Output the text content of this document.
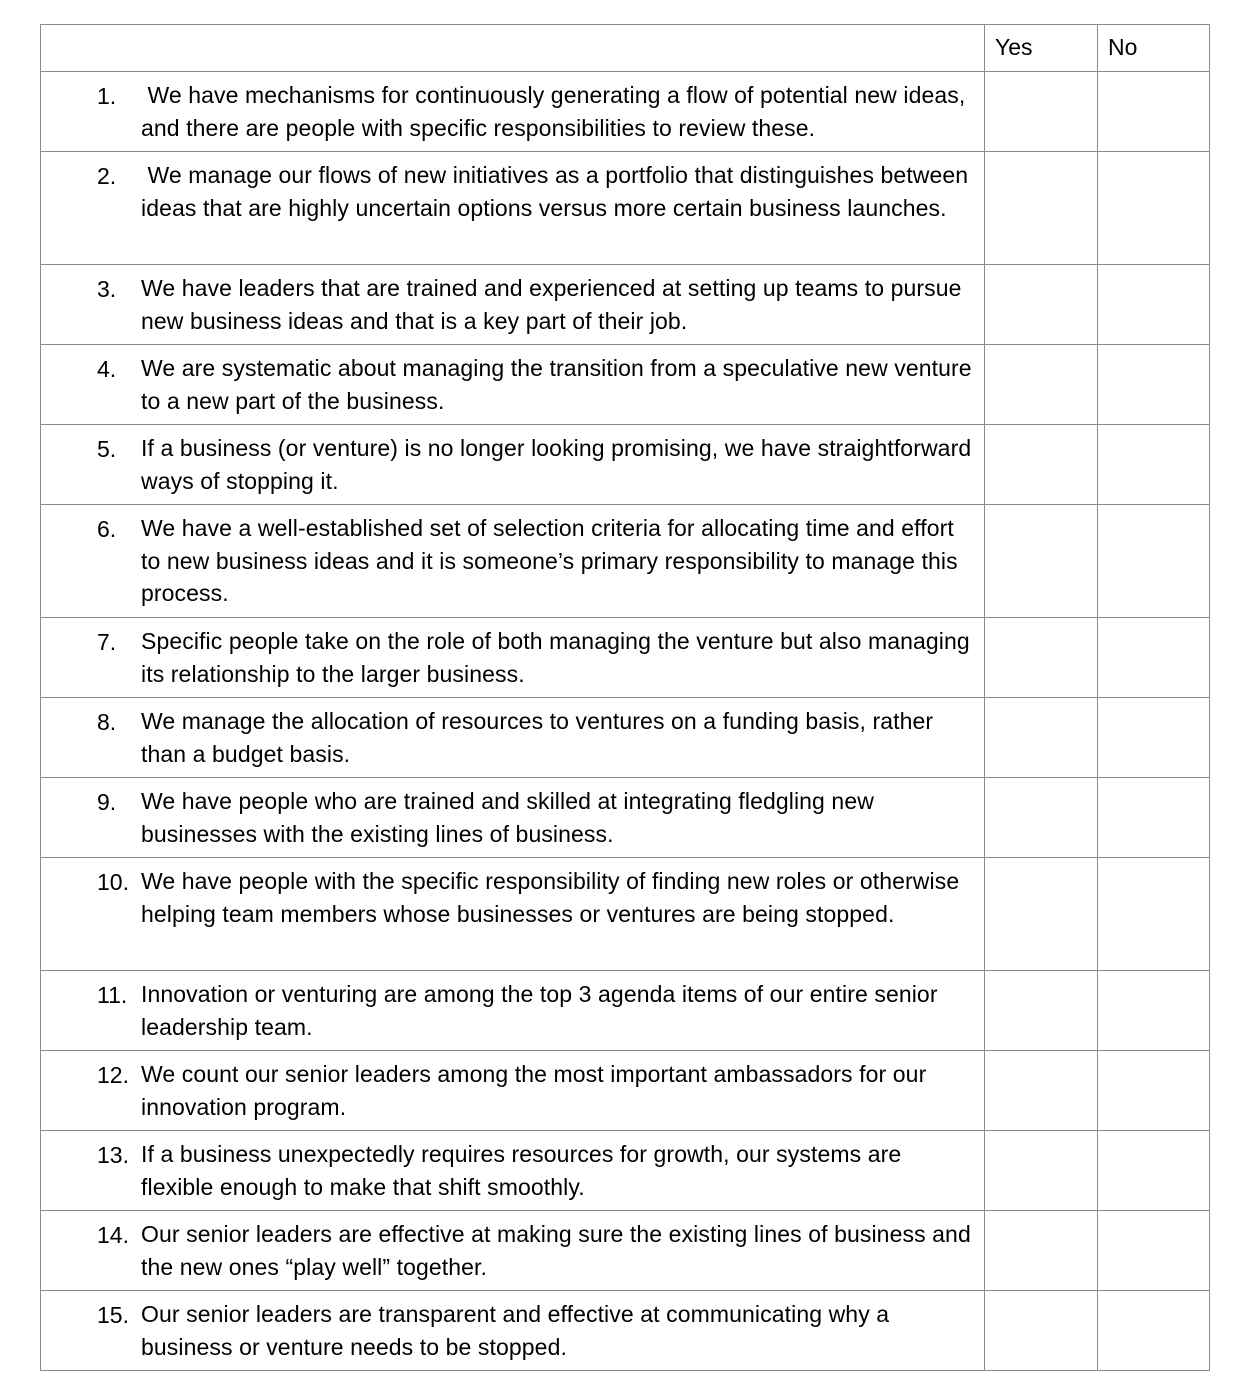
	Yes	No

1. We have mechanisms for continuously generating a flow of potential new ideas, and there are people with specific responsibilities to review these.		

2. We manage our flows of new initiatives as a portfolio that distinguishes between ideas that are highly uncertain options versus more certain business launches.		

3. We have leaders that are trained and experienced at setting up teams to pursue new business ideas and that is a key part of their job.		

4. We are systematic about managing the transition from a speculative new venture to a new part of the business.		

5. If a business (or venture) is no longer looking promising, we have straightforward ways of stopping it.		

6. We have a well-established set of selection criteria for allocating time and effort to new business ideas and it is someone’s primary responsibility to manage this process.		

7. Specific people take on the role of both managing the venture but also managing its relationship to the larger business.		

8. We manage the allocation of resources to ventures on a funding basis, rather than a budget basis.		

9. We have people who are trained and skilled at integrating fledgling new businesses with the existing lines of business.		

10. We have people with the specific responsibility of finding new roles or otherwise helping team members whose businesses or ventures are being stopped.		

11. Innovation or venturing are among the top 3 agenda items of our entire senior leadership team.		

12. We count our senior leaders among the most important ambassadors for our innovation program.		

13. If a business unexpectedly requires resources for growth, our systems are flexible enough to make that shift smoothly.		

14. Our senior leaders are effective at making sure the existing lines of business and the new ones “play well” together.		

15. Our senior leaders are transparent and effective at communicating why a business or venture needs to be stopped.		
